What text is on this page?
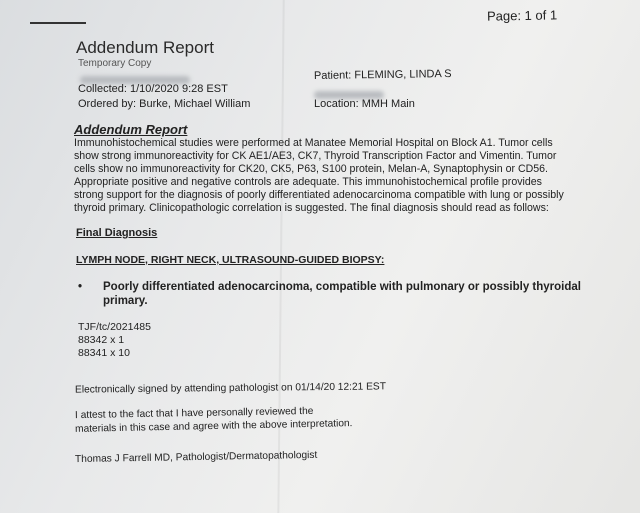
Page: 1 of 1
Addendum Report
Temporary Copy
Collected: 1/10/2020 9:28 EST
Ordered by: Burke, Michael William
Patient: FLEMING, LINDA S
Location: MMH Main
Addendum Report
Immunohistochemical studies were performed at Manatee Memorial Hospital on Block A1. Tumor cells
show strong immunoreactivity for CK AE1/AE3, CK7, Thyroid Transcription Factor and Vimentin. Tumor
cells show no immunoreactivity for CK20, CK5, P63, S100 protein, Melan-A, Synaptophysin or CD56.
Appropriate positive and negative controls are adequate. This immunohistochemical profile provides
strong support for the diagnosis of poorly differentiated adenocarcinoma compatible with lung or possibly
thyroid primary. Clinicopathologic correlation is suggested. The final diagnosis should read as follows:
Final Diagnosis
LYMPH NODE, RIGHT NECK, ULTRASOUND-GUIDED BIOPSY:
• Poorly differentiated adenocarcinoma, compatible with pulmonary or possibly thyroidal
primary.
TJF/tc/2021485
88342 x 1
88341 x 10
Electronically signed by attending pathologist on 01/14/20 12:21 EST
I attest to the fact that I have personally reviewed the
materials in this case and agree with the above interpretation.
Thomas J Farrell MD, Pathologist/Dermatopathologist
